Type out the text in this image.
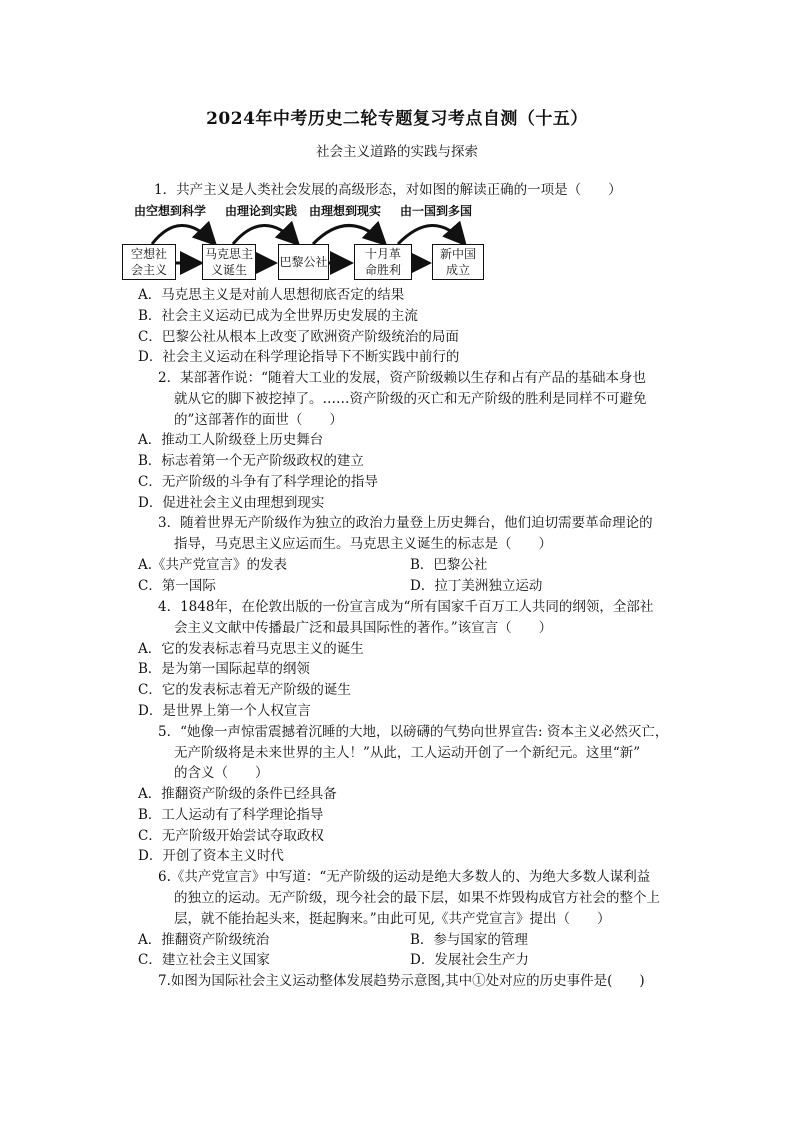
2024年中考历史二轮专题复习考点自测（十五）
社会主义道路的实践与探索
1．共产主义是人类社会发展的高级形态，对如图的解读正确的一项是（　　）
由空想到科学 由理论到实践 由理想到现实 由一国到多国
空想社
会主义
马克思主
义诞生
巴黎公社
十月革
命胜利
新中国
成立
A．马克思主义是对前人思想彻底否定的结果
B．社会主义运动已成为全世界历史发展的主流
C．巴黎公社从根本上改变了欧洲资产阶级统治的局面
D．社会主义运动在科学理论指导下不断实践中前行的
2．某部著作说：“随着大工业的发展，资产阶级赖以生存和占有产品的基础本身也
就从它的脚下被挖掉了。……资产阶级的灭亡和无产阶级的胜利是同样不可避免
的”这部著作的面世（　　）
A．推动工人阶级登上历史舞台
B．标志着第一个无产阶级政权的建立
C．无产阶级的斗争有了科学理论的指导
D．促进社会主义由理想到现实
3．随着世界无产阶级作为独立的政治力量登上历史舞台，他们迫切需要革命理论的
指导，马克思主义应运而生。马克思主义诞生的标志是（　　）
A.《共产党宣言》的发表	B．巴黎公社
C．第一国际	D．拉丁美洲独立运动
4．1848年，在伦敦出版的一份宣言成为“所有国家千百万工人共同的纲领，全部社
会主义文献中传播最广泛和最具国际性的著作。”该宣言（　　）
A．它的发表标志着马克思主义的诞生
B．是为第一国际起草的纲领
C．它的发表标志着无产阶级的诞生
D．是世界上第一个人权宣言
5．“她像一声惊雷震撼着沉睡的大地，以磅礴的气势向世界宣告: 资本主义必然灭亡，
无产阶级将是未来世界的主人！”从此，工人运动开创了一个新纪元。这里“新”
的含义（　　）
A．推翻资产阶级的条件已经具备
B．工人运动有了科学理论指导
C．无产阶级开始尝试夺取政权
D．开创了资本主义时代
6.《共产党宣言》中写道：“无产阶级的运动是绝大多数人的、为绝大多数人谋利益
的独立的运动。无产阶级，现今社会的最下层，如果不炸毁构成官方社会的整个上
层，就不能抬起头来，挺起胸来。”由此可见,《共产党宣言》提出（　　）
A．推翻资产阶级统治	B．参与国家的管理
C．建立社会主义国家	D．发展社会生产力
7.如图为国际社会主义运动整体发展趋势示意图,其中①处对应的历史事件是(　　)
